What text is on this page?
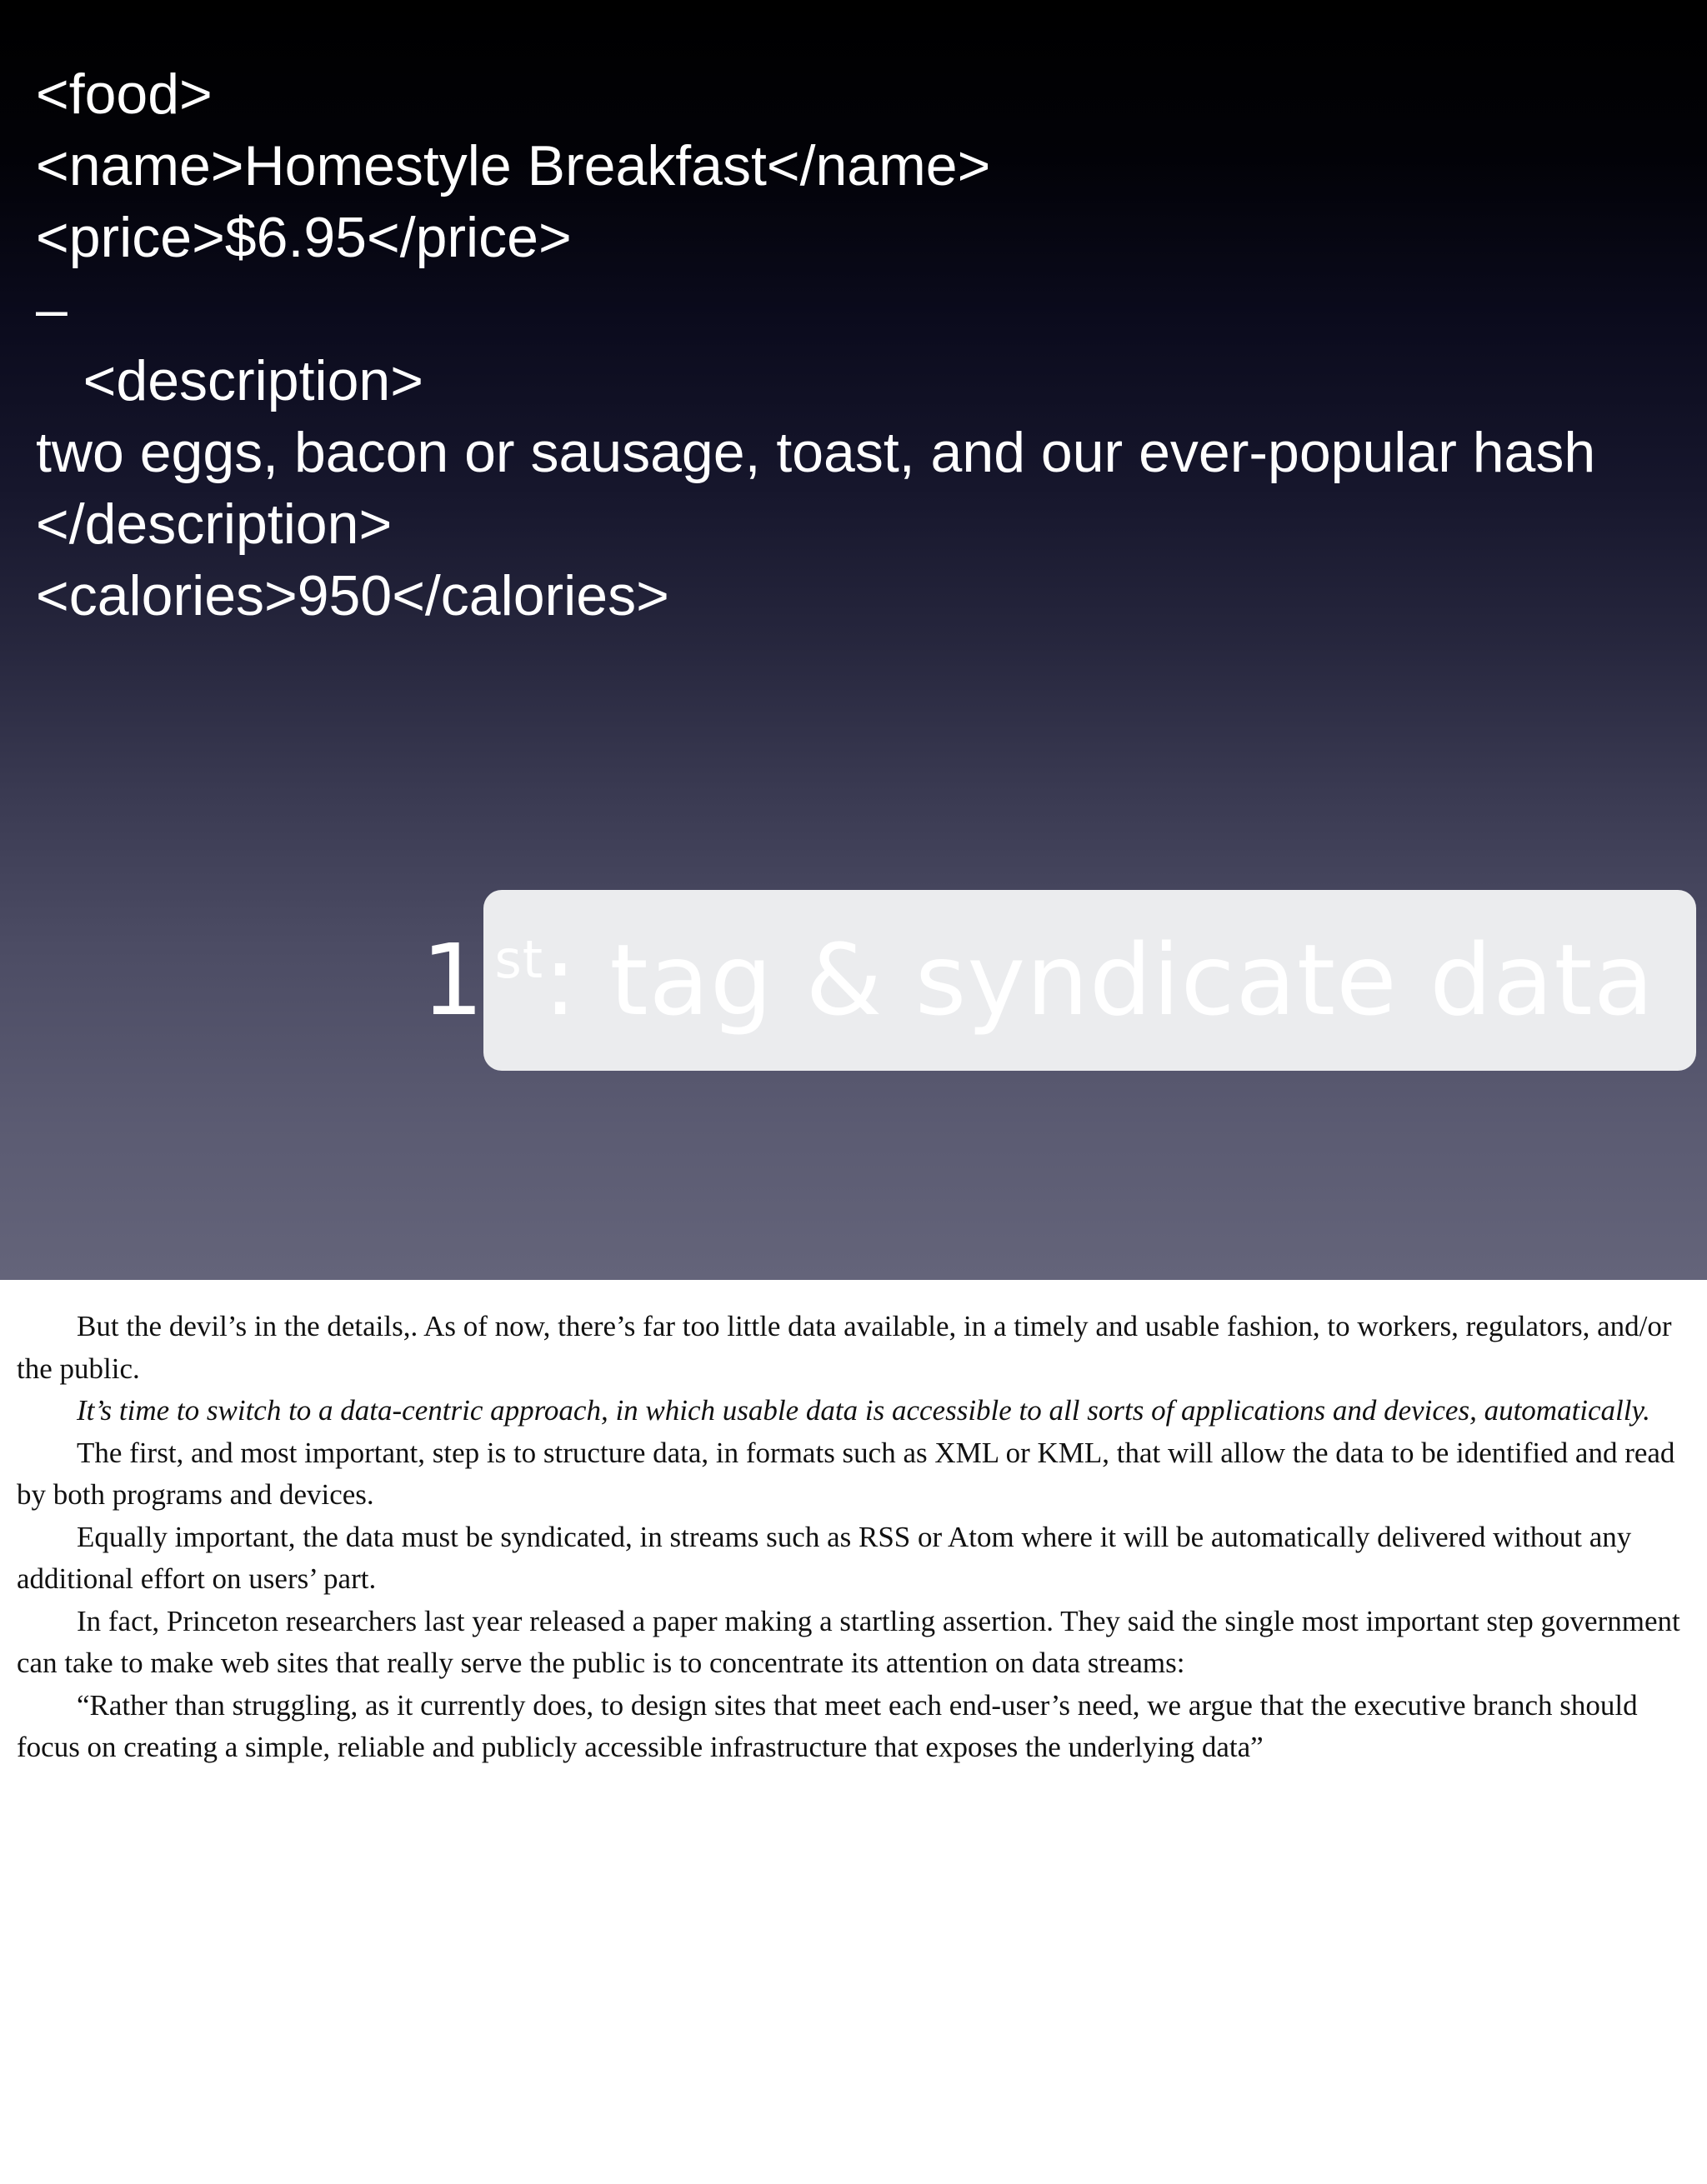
<food>
<name>Homestyle Breakfast</name>
<price>$6.95</price>
–
<description>
two eggs, bacon or sausage, toast, and our ever-popular hash
</description>
<calories>950</calories>
1 $^{st}$: tag & syndicate data

But the devil’s in the details,. As of now, there’s far too little data available, in a timely and usable fashion, to workers, regulators, and/or the public.

It’s time to switch to a data-centric approach, in which usable data is accessible to all sorts of applications and devices, automatically.

The first, and most important, step is to structure data, in formats such as XML or KML, that will allow the data to be identified and read by both programs and devices.

Equally important, the data must be syndicated, in streams such as RSS or Atom where it will be automatically delivered without any additional effort on users’ part.

In fact, Princeton researchers last year released a paper making a startling assertion. They said the single most important step government can take to make web sites that really serve the public is to concentrate its attention on data streams:

“Rather than struggling, as it currently does, to design sites that meet each end-user’s need, we argue that the executive branch should focus on creating a simple, reliable and publicly accessible infrastructure that exposes the underlying data”
